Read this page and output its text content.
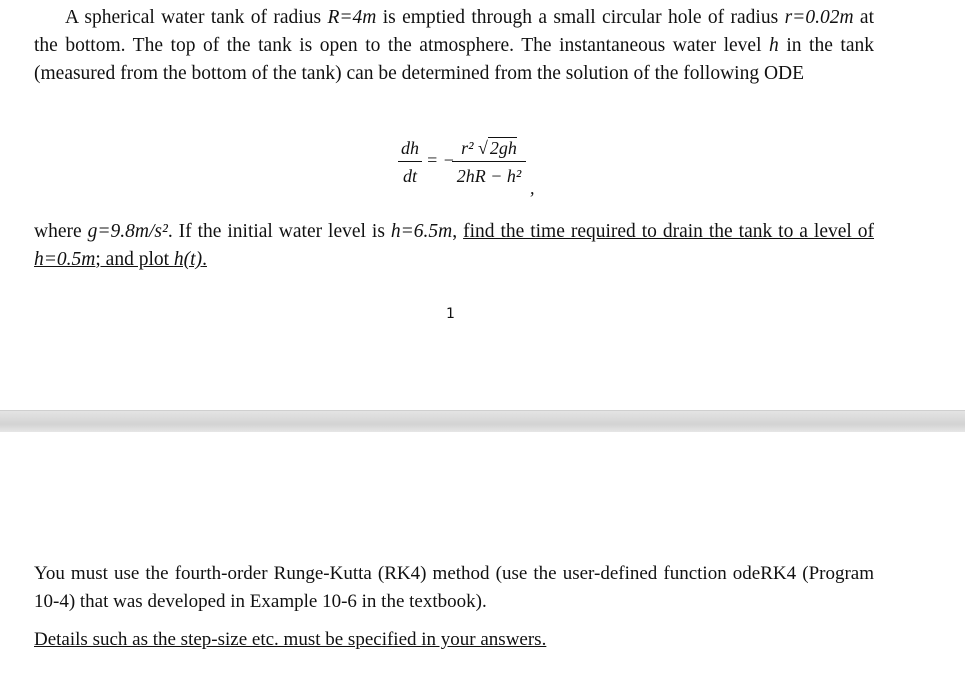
A spherical water tank of radius R=4m is emptied through a small circular hole of radius r=0.02m at the bottom. The top of the tank is open to the atmosphere. The instantaneous water level h in the tank (measured from the bottom of the tank) can be determined from the solution of the following ODE
$\frac{dh}{dt}$ = −
$\frac{\text{r² √ 2gh}}{\text{2hR − h²}}$
,
where g=9.8m/s². If the initial water level is h=6.5m, find the time required to drain the tank to a level of h=0.5m; and plot h(t).
1
You must use the fourth-order Runge-Kutta (RK4) method (use the user-defined function odeRK4 (Program 10-4) that was developed in Example 10-6 in the textbook).
Details such as the step-size etc. must be specified in your answers.
